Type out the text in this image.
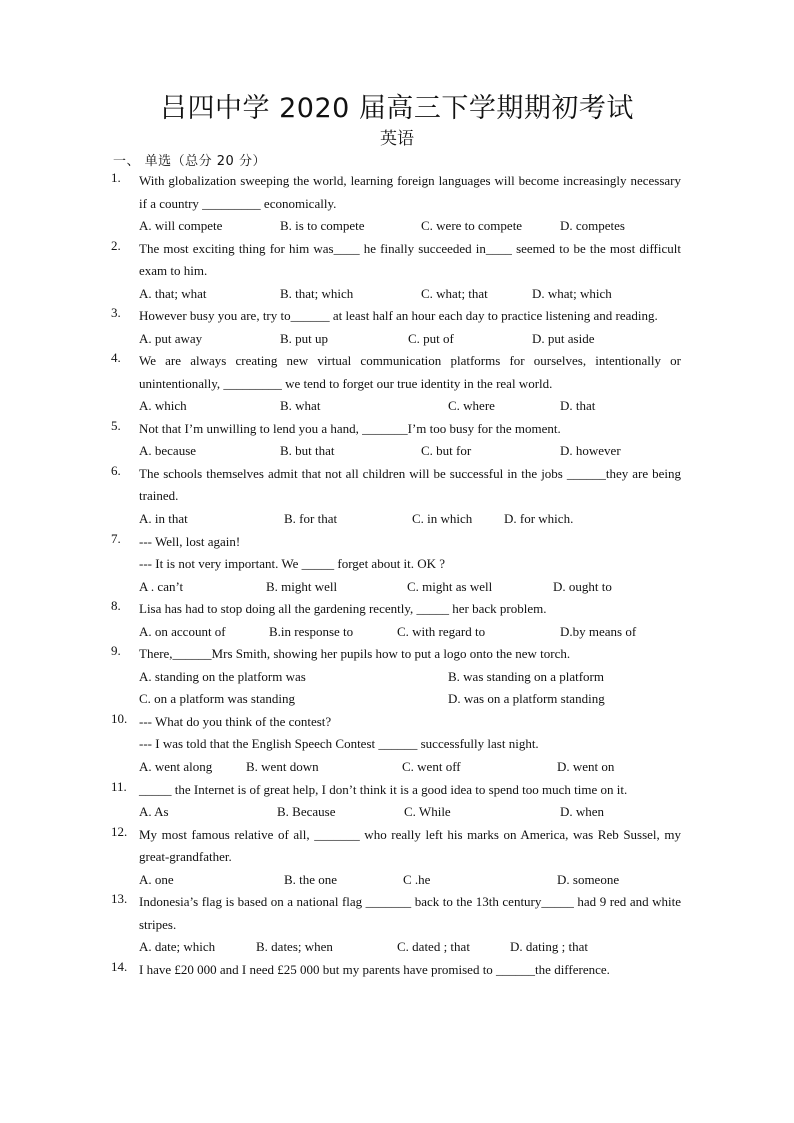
吕四中学 2020 届高三下学期期初考试
英语
一、 单选（总分 20 分）
1.	With globalization sweeping the world, learning foreign languages will become increasingly necessary if a country _________ economically.
A. will compete	B. is to compete	C. were to compete	D. competes
2.	The most exciting thing for him was____ he finally succeeded in____ seemed to be the most difficult exam to him.
A. that; what	B. that; which	C. what; that	D. what; which
3.	However busy you are, try to______ at least half an hour each day to practice listening and reading.
A. put away	B. put up	C. put of	D. put aside
4.	We are always creating new virtual communication platforms for ourselves, intentionally or unintentionally, _________ we tend to forget our true identity in the real world.
A. which	B. what	C. where	D. that
5.	Not that I’m unwilling to lend you a hand, _______I’m too busy for the moment.
A. because	B. but that	C. but for	D. however
6.	The schools themselves admit that not all children will be successful in the jobs ______they are being trained.
A. in that	B. for that	C. in which D. for which.
7.	--- Well, lost again!
--- It is not very important. We _____ forget about it. OK ?
A . can’t	B. might well	C. might as well	D. ought to
8.	Lisa has had to stop doing all the gardening recently, _____ her back problem.
A. on account of	B.in response to	C. with regard to	D.by means of
9.	There,______Mrs Smith, showing her pupils how to put a logo onto the new torch.
A. standing on the platform was	B. was standing on a platform
C. on a platform was standing	D. was on a platform standing
10. --- What do you think of the contest?
--- I was told that the English Speech Contest ______ successfully last night.
A. went along	B. went down	C. went off	D. went on
11. _____ the Internet is of great help, I don’t think it is a good idea to spend too much time on it.
A. As	B. Because	C. While	D. when
12. My most famous relative of all, _______ who really left his marks on America, was Reb Sussel, my great-grandfather.
A. one	B. the one	C .he	D. someone
13. Indonesia’s flag is based on a national flag _______ back to the 13th century_____ had 9 red and white stripes.
A. date; which	B. dates; when	C. dated ; that	D. dating ; that
14. I have £20 000 and I need £25 000 but my parents have promised to ______the difference.
